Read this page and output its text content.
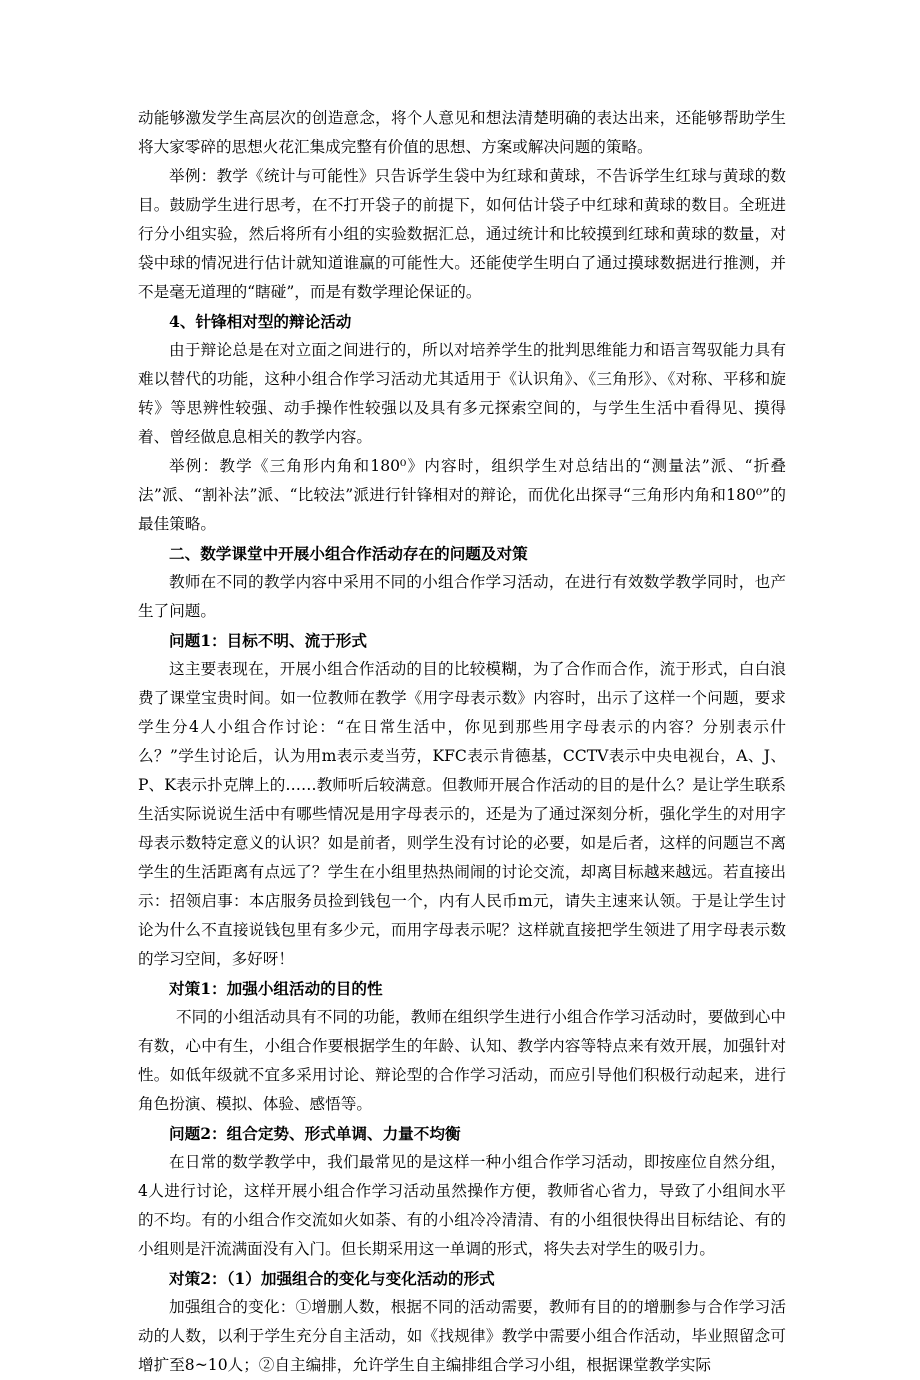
动能够激发学生高层次的创造意念，将个人意见和想法清楚明确的表达出来，还能够帮助学生将大家零碎的思想火花汇集成完整有价值的思想、方案或解决问题的策略。

举例：教学《统计与可能性》只告诉学生袋中为红球和黄球，不告诉学生红球与黄球的数目。鼓励学生进行思考，在不打开袋子的前提下，如何估计袋子中红球和黄球的数目。全班进行分小组实验，然后将所有小组的实验数据汇总，通过统计和比较摸到红球和黄球的数量，对袋中球的情况进行估计就知道谁赢的可能性大。还能使学生明白了通过摸球数据进行推测，并不是毫无道理的“瞎碰”，而是有数学理论保证的。

4、针锋相对型的辩论活动

由于辩论总是在对立面之间进行的，所以对培养学生的批判思维能力和语言驾驭能力具有难以替代的功能，这种小组合作学习活动尤其适用于《认识角》、《三角形》、《对称、平移和旋转》等思辨性较强、动手操作性较强以及具有多元探索空间的，与学生生活中看得见、摸得着、曾经做息息相关的教学内容。

举例：教学《三角形内角和180⁰》内容时，组织学生对总结出的“测量法”派、“折叠法”派、“割补法”派、“比较法”派进行针锋相对的辩论，而优化出探寻“三角形内角和180⁰”的最佳策略。

二、数学课堂中开展小组合作活动存在的问题及对策

教师在不同的教学内容中采用不同的小组合作学习活动，在进行有效数学教学同时，也产生了问题。

问题1：目标不明、流于形式

这主要表现在，开展小组合作活动的目的比较模糊，为了合作而合作，流于形式，白白浪费了课堂宝贵时间。如一位教师在教学《用字母表示数》内容时，出示了这样一个问题，要求学生分4人小组合作讨论：“在日常生活中，你见到那些用字母表示的内容？分别表示什么？”学生讨论后，认为用m表示麦当劳，KFC表示肯德基，CCTV表示中央电视台，A、J、P、K表示扑克牌上的……教师听后较满意。但教师开展合作活动的目的是什么？是让学生联系生活实际说说生活中有哪些情况是用字母表示的，还是为了通过深刻分析，强化学生的对用字母表示数特定意义的认识？如是前者，则学生没有讨论的必要，如是后者，这样的问题岂不离学生的生活距离有点远了？学生在小组里热热闹闹的讨论交流，却离目标越来越远。若直接出示：招领启事：本店服务员捡到钱包一个，内有人民币m元，请失主速来认领。于是让学生讨论为什么不直接说钱包里有多少元，而用字母表示呢？这样就直接把学生领进了用字母表示数的学习空间，多好呀！

对策1：加强小组活动的目的性

不同的小组活动具有不同的功能，教师在组织学生进行小组合作学习活动时，要做到心中有数，心中有生，小组合作要根据学生的年龄、认知、教学内容等特点来有效开展，加强针对性。如低年级就不宜多采用讨论、辩论型的合作学习活动，而应引导他们积极行动起来，进行角色扮演、模拟、体验、感悟等。

问题2：组合定势、形式单调、力量不均衡

在日常的数学教学中，我们最常见的是这样一种小组合作学习活动，即按座位自然分组，4人进行讨论，这样开展小组合作学习活动虽然操作方便，教师省心省力，导致了小组间水平的不均。有的小组合作交流如火如荼、有的小组冷冷清清、有的小组很快得出目标结论、有的小组则是汗流满面没有入门。但长期采用这一单调的形式，将失去对学生的吸引力。

对策2：（1）加强组合的变化与变化活动的形式

加强组合的变化：①增删人数，根据不同的活动需要，教师有目的的增删参与合作学习活动的人数，以利于学生充分自主活动，如《找规律》教学中需要小组合作活动，毕业照留念可增扩至8~10人；②自主编排，允许学生自主编排组合学习小组，根据课堂教学实际
